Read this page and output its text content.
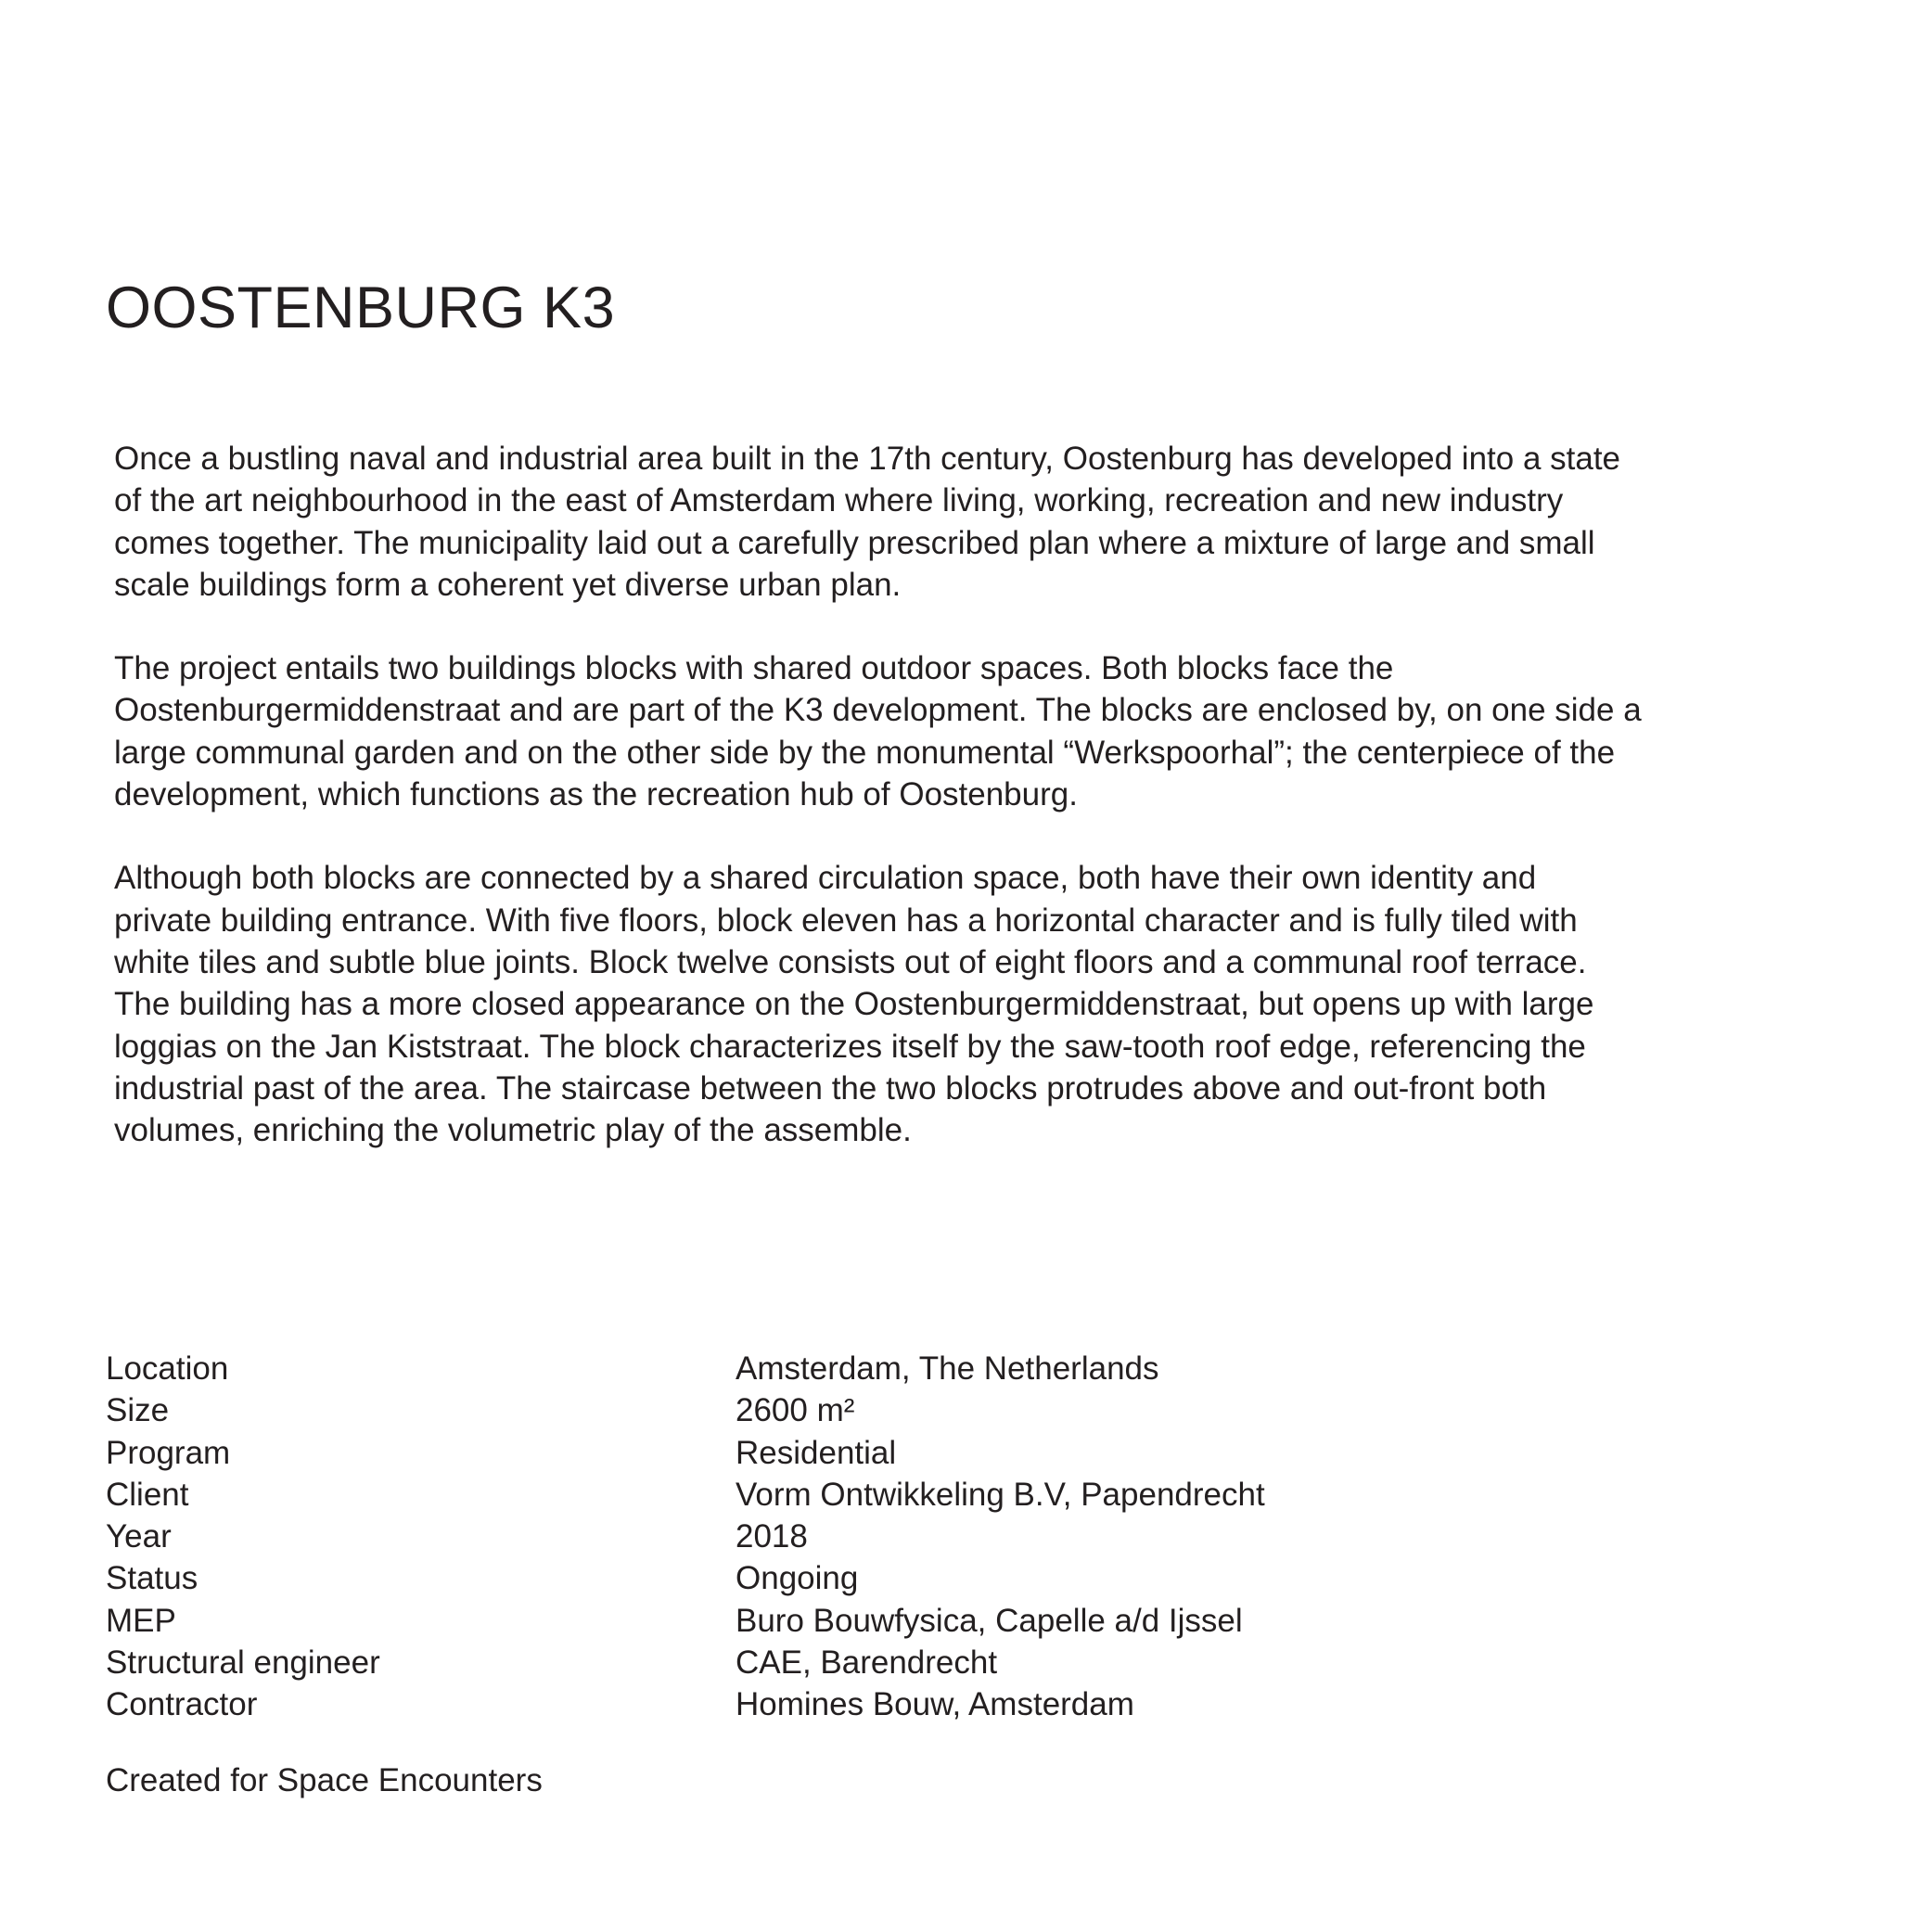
OOSTENBURG K3

Once a bustling naval and industrial area built in the 17th century, Oostenburg has developed into a state
of the art neighbourhood in the east of Amsterdam where living, working, recreation and new industry
comes together. The municipality laid out a carefully prescribed plan where a mixture of large and small
scale buildings form a coherent yet diverse urban plan.

The project entails two buildings blocks with shared outdoor spaces. Both blocks face the
Oostenburgermiddenstraat and are part of the K3 development. The blocks are enclosed by, on one side a
large communal garden and on the other side by the monumental “Werkspoorhal”; the centerpiece of the
development, which functions as the recreation hub of Oostenburg.

Although both blocks are connected by a shared circulation space, both have their own identity and
private building entrance. With five floors, block eleven has a horizontal character and is fully tiled with
white tiles and subtle blue joints. Block twelve consists out of eight floors and a communal roof terrace.
The building has a more closed appearance on the Oostenburgermiddenstraat, but opens up with large
loggias on the Jan Kiststraat. The block characterizes itself by the saw-tooth roof edge, referencing the
industrial past of the area. The staircase between the two blocks protrudes above and out-front both
volumes, enriching the volumetric play of the assemble.

Location	Amsterdam, The Netherlands
Size	2600 m²
Program	Residential
Client	Vorm Ontwikkeling B.V, Papendrecht
Year	2018
Status	Ongoing
MEP	Buro Bouwfysica, Capelle a/d Ijssel
Structural engineer	CAE, Barendrecht
Contractor	Homines Bouw, Amsterdam

Created for Space Encounters
